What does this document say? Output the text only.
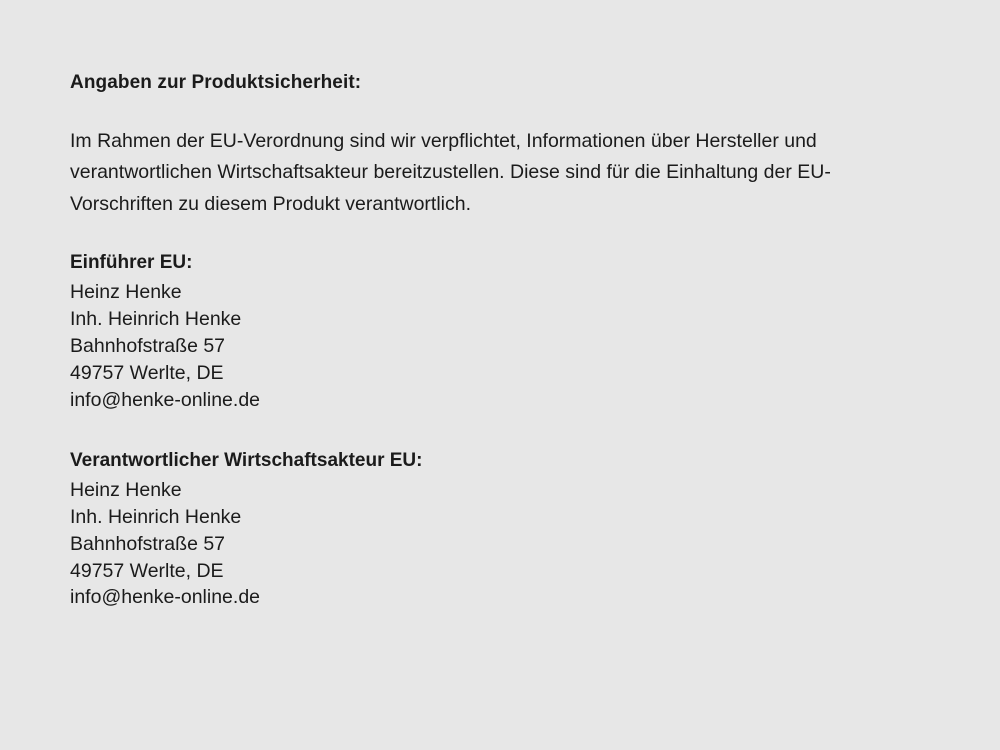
Angaben zur Produktsicherheit:

Im Rahmen der EU-Verordnung sind wir verpflichtet, Informationen über Hersteller und verantwortlichen Wirtschaftsakteur bereitzustellen. Diese sind für die Einhaltung der EU-Vorschriften zu diesem Produkt verantwortlich.

Einführer EU:
Heinz Henke
Inh. Heinrich Henke
Bahnhofstraße 57
49757 Werlte, DE
info@henke-online.de
Verantwortlicher Wirtschaftsakteur EU:
Heinz Henke
Inh. Heinrich Henke
Bahnhofstraße 57
49757 Werlte, DE
info@henke-online.de
